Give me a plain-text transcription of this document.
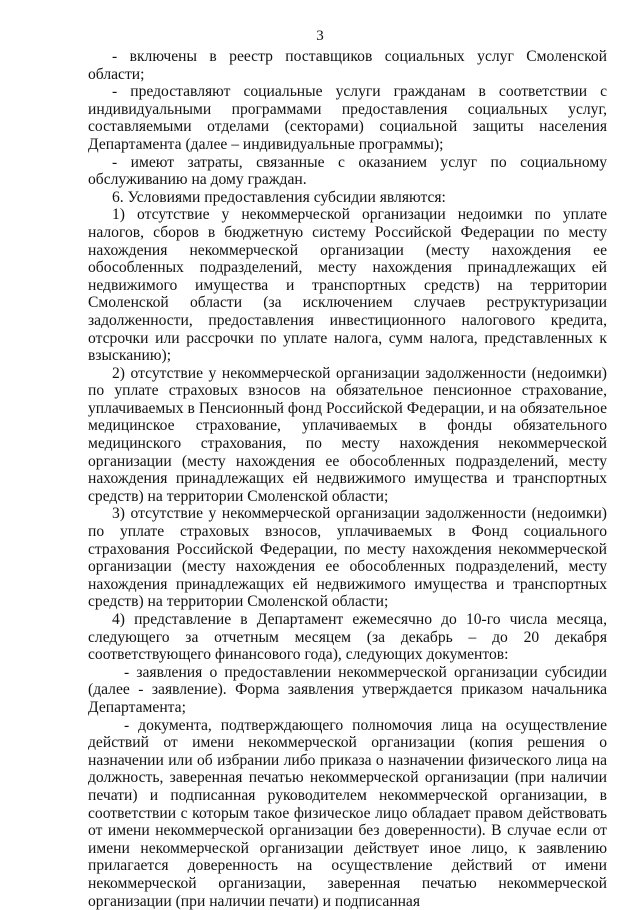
3

- включены в реестр поставщиков социальных услуг Смоленской области;

- предоставляют социальные услуги гражданам в соответствии с индивидуальными программами предоставления социальных услуг, составляемыми отделами (секторами) социальной защиты населения Департамента (далее – индивидуальные программы);

- имеют затраты, связанные с оказанием услуг по социальному обслуживанию на дому граждан.

6. Условиями предоставления субсидии являются:

1) отсутствие у некоммерческой организации недоимки по уплате налогов, сборов в бюджетную систему Российской Федерации по месту нахождения некоммерческой организации (месту нахождения ее обособленных подразделений, месту нахождения принадлежащих ей недвижимого имущества и транспортных средств) на территории Смоленской области (за исключением случаев реструктуризации задолженности, предоставления инвестиционного налогового кредита, отсрочки или рассрочки по уплате налога, сумм налога, представленных к взысканию);

2) отсутствие у некоммерческой организации задолженности (недоимки) по уплате страховых взносов на обязательное пенсионное страхование, уплачиваемых в Пенсионный фонд Российской Федерации, и на обязательное медицинское страхование, уплачиваемых в фонды обязательного медицинского страхования, по месту нахождения некоммерческой организации (месту нахождения ее обособленных подразделений, месту нахождения принадлежащих ей недвижимого имущества и транспортных средств) на территории Смоленской области;

3) отсутствие у некоммерческой организации задолженности (недоимки) по уплате страховых взносов, уплачиваемых в Фонд социального страхования Российской Федерации, по месту нахождения некоммерческой организации (месту нахождения ее обособленных подразделений, месту нахождения принадлежащих ей недвижимого имущества и транспортных средств) на территории Смоленской области;

4) представление в Департамент ежемесячно до 10-го числа месяца, следующего за отчетным месяцем (за декабрь – до 20 декабря соответствующего финансового года), следующих документов:

- заявления о предоставлении некоммерческой организации субсидии (далее - заявление). Форма заявления утверждается приказом начальника Департамента;

- документа, подтверждающего полномочия лица на осуществление действий от имени некоммерческой организации (копия решения о назначении или об избрании либо приказа о назначении физического лица на должность, заверенная печатью некоммерческой организации (при наличии печати) и подписанная руководителем некоммерческой организации, в соответствии с которым такое физическое лицо обладает правом действовать от имени некоммерческой организации без доверенности). В случае если от имени некоммерческой организации действует иное лицо, к заявлению прилагается доверенность на осуществление действий от имени некоммерческой организации, заверенная печатью некоммерческой организации (при наличии печати) и подписанная
